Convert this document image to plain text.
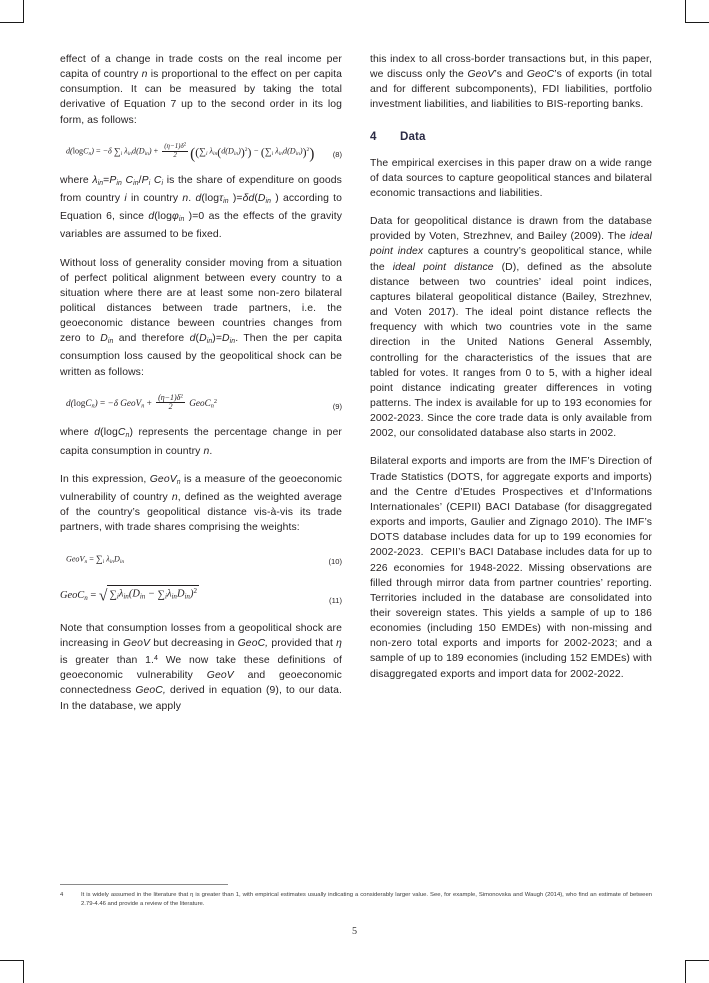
effect of a change in trade costs on the real income per capita of country n is proportional to the effect on per capita consumption. It can be measured by taking the total derivative of Equation 7 up to the second order in its log form, as follows:

d(logCn) = −δ ∑i $\lambda ind(Din) + \frac{(\eta-1)\delta^2}{2} ((\sum i$ $\lambda in(d(Din))^2) - (\sum i$ λind(Din))$^2$) (8)

where $\lambda_{in}=P_{in}$ $C_{in}/P_i$ $C_i$ is the share of expenditure on goods from country i in country n. d(logτ$_{in}$ )$=\delta d(D_{in}$ ) according to Equation 6, since d(logφ$_{in}$ )=0 as the effects of the gravity variables are assumed to be fixed.

Without loss of generality consider moving from a situation of perfect political alignment between every country to a situation where there are at least some non-zero bilateral political distances between trade partners, i.e. the geoeconomic distance beween countries changes from zero to $D_{in}$ and therefore $d(D_{in})=D_{in}$. Then the per capita consumption loss caused by the geopolitical shock can be written as follows:

d(logCn) = −δ GeoVn + $\frac{(\eta-1)\delta^2}{2}$ GeoCn$^2$
(9)

where d(logC$_n$) represents the percentage change in per capita consumption in country n.

In this expression, GeoV$_n$ is a measure of the geoeconomic vulnerability of country n, defined as the weighted average of the country’s geopolitical distance vis-à-vis its trade partners, with trade shares comprising the weights:

GeoVn = ∑i λinDin	(10)
GeoCn = √ ∑iλin(Din − ∑iλinDin)$^2$
(11)

Note that consumption losses from a geopolitical shock are increasing in GeoV but decreasing in GeoC, provided that η is greater than 1.$^4$ We now take these definitions of geoeconomic vulnerability GeoV and geoeconomic connectedness GeoC, derived in equation (9), to our data. In the database, we apply

this index to all cross-border transactions but, in this paper, we discuss only the GeoV’s and GeoC’s of exports (in total and for different subcomponents), FDI liabilities, portfolio investment liabilities, and liabilities to BIS-reporting banks.

4	Data

The empirical exercises in this paper draw on a wide range of data sources to capture geopolitical stances and bilateral economic transactions and liabilities.

Data for geopolitical distance is drawn from the database provided by Voten, Strezhnev, and Bailey (2009). The ideal point index captures a country’s geopolitical stance, while the ideal point distance (D), defined as the absolute distance between two countries’ ideal point indices, captures bilateral geopolitical distance (Bailey, Strezhnev, and Voten 2017). The ideal point distance reflects the frequency with which two countries vote in the same direction in the United Nations General Assembly, controlling for the characteristics of the issues that are tabled for votes. It ranges from 0 to 5, with a higher ideal point distance indicating greater differences in voting patterns. The index is available for up to 193 economies for 2002-2023. Since the core trade data is only available from 2002, our consolidated database also starts in 2002.

Bilateral exports and imports are from the IMF’s Direction of Trade Statistics (DOTS, for aggregate exports and imports) and the Centre d’Etudes Prospectives et d’Informations Internationales’ (CEPII) BACI Database (for disaggregated exports and imports, Gaulier and Zignago 2010). The IMF’s DOTS database includes data for up to 199 economies for 2002-2023.  CEPII’s BACI Database includes data for up to 226 economies for 1948-2022. Missing observations are filled through mirror data from partner countries’ reporting. Territories included in the database are consolidated into their sovereign states. This yields a sample of up to 186 economies (including 150 EMDEs) with non-missing and non-zero total exports and imports for 2002-2023; and a sample of up to 189 economies (including 152 EMDEs) with disaggregated exports and import data for 2002-2022.

4	It is widely assumed in the literature that η is greater than 1, with empirical estimates usually indicating a considerably larger value. See, for example, Simonovska and Waugh (2014), who find an estimate of between 2.79-4.46 and provide a review of the literature.
5
